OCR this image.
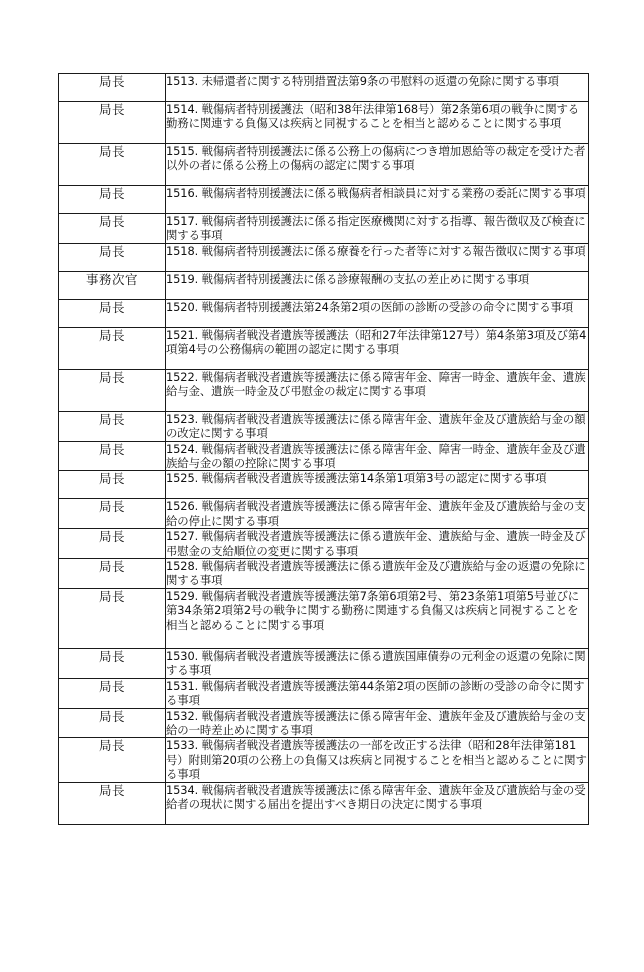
局長	1513. 未帰還者に関する特別措置法第9条の弔慰料の返還の免除に関する事項
局長	1514. 戦傷病者特別援護法（昭和38年法律第168号）第2条第6項の戦争に関する勤務に関連する負傷又は疾病と同視することを相当と認めることに関する事項
局長	1515. 戦傷病者特別援護法に係る公務上の傷病につき増加恩給等の裁定を受けた者以外の者に係る公務上の傷病の認定に関する事項
局長	1516. 戦傷病者特別援護法に係る戦傷病者相談員に対する業務の委託に関する事項
局長	1517. 戦傷病者特別援護法に係る指定医療機関に対する指導、報告徴収及び検査に関する事項
局長	1518. 戦傷病者特別援護法に係る療養を行った者等に対する報告徴収に関する事項
事務次官	1519. 戦傷病者特別援護法に係る診療報酬の支払の差止めに関する事項
局長	1520. 戦傷病者特別援護法第24条第2項の医師の診断の受診の命令に関する事項
局長	1521. 戦傷病者戦没者遺族等援護法（昭和27年法律第127号）第4条第3項及び第4項第4号の公務傷病の範囲の認定に関する事項
局長	1522. 戦傷病者戦没者遺族等援護法に係る障害年金、障害一時金、遺族年金、遺族給与金、遺族一時金及び弔慰金の裁定に関する事項
局長	1523. 戦傷病者戦没者遺族等援護法に係る障害年金、遺族年金及び遺族給与金の額の改定に関する事項
局長	1524. 戦傷病者戦没者遺族等援護法に係る障害年金、障害一時金、遺族年金及び遺族給与金の額の控除に関する事項
局長	1525. 戦傷病者戦没者遺族等援護法第14条第1項第3号の認定に関する事項
局長	1526. 戦傷病者戦没者遺族等援護法に係る障害年金、遺族年金及び遺族給与金の支給の停止に関する事項
局長	1527. 戦傷病者戦没者遺族等援護法に係る遺族年金、遺族給与金、遺族一時金及び弔慰金の支給順位の変更に関する事項
局長	1528. 戦傷病者戦没者遺族等援護法に係る遺族年金及び遺族給与金の返還の免除に関する事項
局長	1529. 戦傷病者戦没者遺族等援護法第7条第6項第2号、第23条第1項第5号並びに第34条第2項第2号の戦争に関する勤務に関連する負傷又は疾病と同視することを相当と認めることに関する事項
局長	1530. 戦傷病者戦没者遺族等援護法に係る遺族国庫債券の元利金の返還の免除に関する事項
局長	1531. 戦傷病者戦没者遺族等援護法第44条第2項の医師の診断の受診の命令に関する事項
局長	1532. 戦傷病者戦没者遺族等援護法に係る障害年金、遺族年金及び遺族給与金の支給の一時差止めに関する事項
局長	1533. 戦傷病者戦没者遺族等援護法の一部を改正する法律（昭和28年法律第181号）附則第20項の公務上の負傷又は疾病と同視することを相当と認めることに関する事項
局長	1534. 戦傷病者戦没者遺族等援護法に係る障害年金、遺族年金及び遺族給与金の受給者の現状に関する届出を提出すべき期日の決定に関する事項
